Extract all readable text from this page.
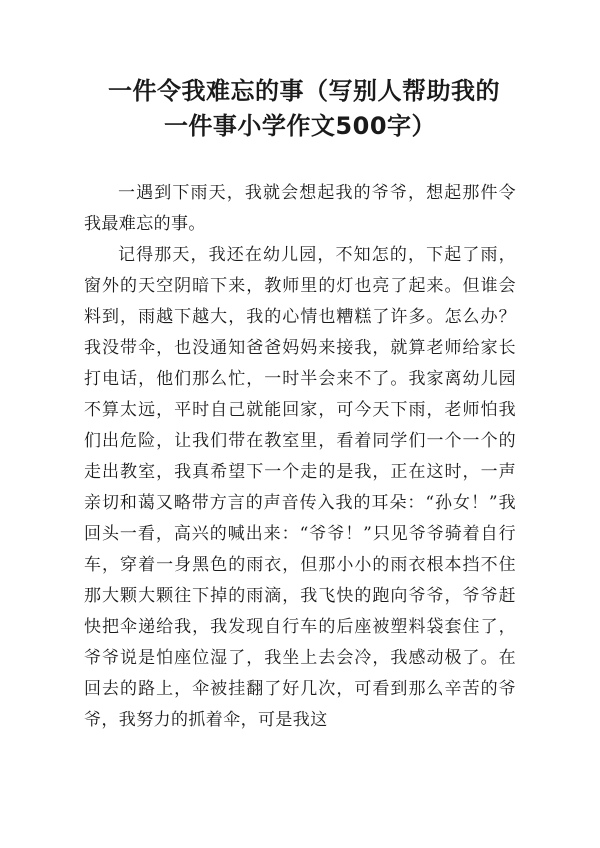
一件令我难忘的事（写别人帮助我的
一件事小学作文500字）

一遇到下雨天，我就会想起我的爷爷，想起那件令我最难忘的事。

记得那天，我还在幼儿园，不知怎的，下起了雨，窗外的天空阴暗下来，教师里的灯也亮了起来。但谁会料到，雨越下越大，我的心情也糟糕了许多。怎么办？我没带伞，也没通知爸爸妈妈来接我，就算老师给家长打电话，他们那么忙，一时半会来不了。我家离幼儿园不算太远，平时自己就能回家，可今天下雨，老师怕我们出危险，让我们带在教室里，看着同学们一个一个的走出教室，我真希望下一个走的是我，正在这时，一声亲切和蔼又略带方言的声音传入我的耳朵：“孙女！”我回头一看，高兴的喊出来：“爷爷！”只见爷爷骑着自行车，穿着一身黑色的雨衣，但那小小的雨衣根本挡不住那大颗大颗往下掉的雨滴，我飞快的跑向爷爷，爷爷赶快把伞递给我，我发现自行车的后座被塑料袋套住了，爷爷说是怕座位湿了，我坐上去会冷，我感动极了。在回去的路上，伞被挂翻了好几次，可看到那么辛苦的爷爷，我努力的抓着伞，可是我这
